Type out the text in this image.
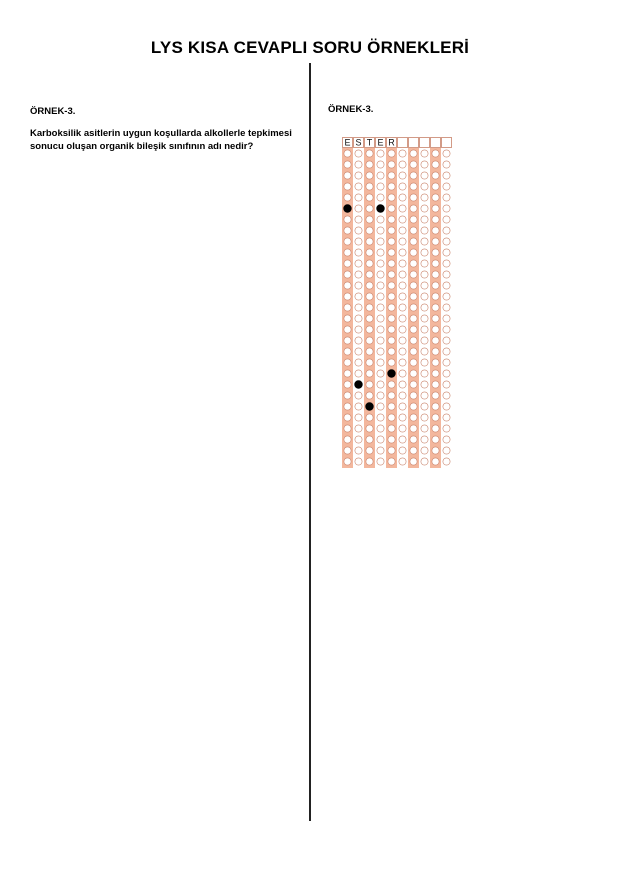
LYS KISA CEVAPLI SORU ÖRNEKLERİ
ÖRNEK-3.
Karboksilik asitlerin uygun koşullarda alkollerle tepkimesi
sonucu oluşan organik bileşik sınıfının adı nedir?
ÖRNEK-3.
E S T E R
